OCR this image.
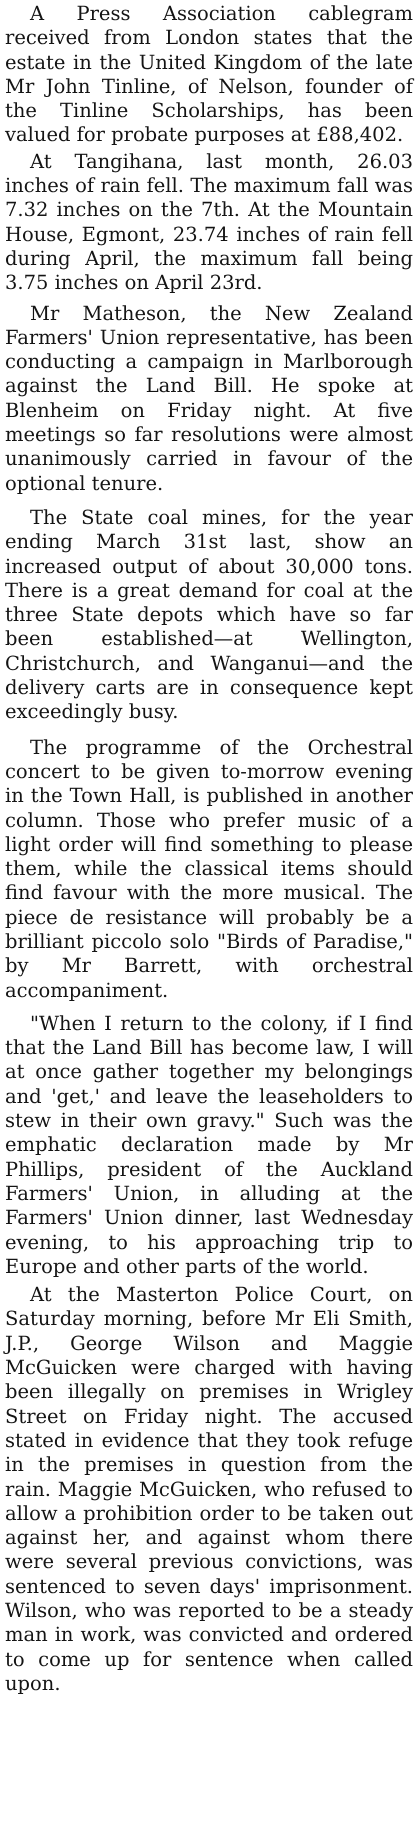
A Press Association cablegram received from London states that the estate in the United Kingdom of the late Mr John Tinline, of Nelson, founder of the Tinline Scholarships, has been valued for probate purposes at £88,402.

At Tangihana, last month, 26.03 inches of rain fell. The maximum fall was 7.32 inches on the 7th. At the Mountain House, Egmont, 23.74 inches of rain fell during April, the maximum fall being 3.75 inches on April 23rd.

Mr Matheson, the New Zealand Farmers' Union representative, has been conducting a campaign in Marlborough against the Land Bill. He spoke at Blenheim on Friday night. At five meetings so far resolutions were almost unanimously carried in favour of the optional tenure.

The State coal mines, for the year ending March 31st last, show an increased output of about 30,000 tons. There is a great demand for coal at the three State depots which have so far been established—at Wellington, Christchurch, and Wanganui—and the delivery carts are in consequence kept exceedingly busy.

The programme of the Orchestral concert to be given to-morrow evening in the Town Hall, is published in another column. Those who prefer music of a light order will find something to please them, while the classical items should find favour with the more musical. The piece de resistance will probably be a brilliant piccolo solo "Birds of Paradise," by Mr Barrett, with orchestral accompaniment.

"When I return to the colony, if I find that the Land Bill has become law, I will at once gather together my belongings and 'get,' and leave the leaseholders to stew in their own gravy." Such was the emphatic declaration made by Mr Phillips, president of the Auckland Farmers' Union, in alluding at the Farmers' Union dinner, last Wednesday evening, to his approaching trip to Europe and other parts of the world.

At the Masterton Police Court, on Saturday morning, before Mr Eli Smith, J.P., George Wilson and Maggie McGuicken were charged with having been illegally on premises in Wrigley Street on Friday night. The accused stated in evidence that they took refuge in the premises in question from the rain. Maggie McGuicken, who refused to allow a prohibition order to be taken out against her, and against whom there were several previous convictions, was sentenced to seven days' imprisonment. Wilson, who was reported to be a steady man in work, was convicted and ordered to come up for sentence when called upon.
